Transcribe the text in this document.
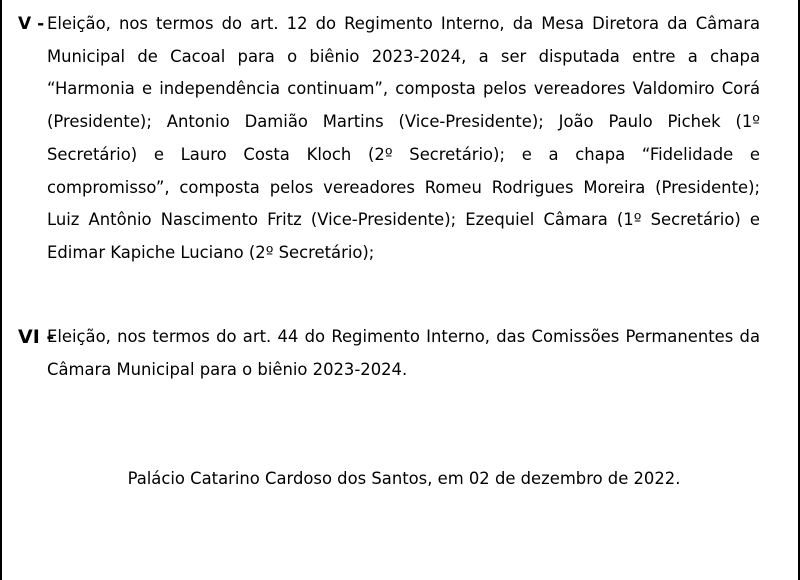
V - Eleição, nos termos do art. 12 do Regimento Interno, da Mesa Diretora da Câmara Municipal de Cacoal para o biênio 2023-2024, a ser disputada entre a chapa “Harmonia e independência continuam”, composta pelos vereadores Valdomiro Corá (Presidente); Antonio Damião Martins (Vice-Presidente); João Paulo Pichek (1º Secretário) e Lauro Costa Kloch (2º Secretário); e a chapa “Fidelidade e compromisso”, composta pelos vereadores Romeu Rodrigues Moreira (Presidente); Luiz Antônio Nascimento Fritz (Vice-Presidente); Ezequiel Câmara (1º Secretário) e Edimar Kapiche Luciano (2º Secretário);
VI -
Eleição, nos termos do art. 44 do Regimento Interno, das Comissões Permanentes da Câmara Municipal para o biênio 2023-2024.
Palácio Catarino Cardoso dos Santos, em 02 de dezembro de 2022.
